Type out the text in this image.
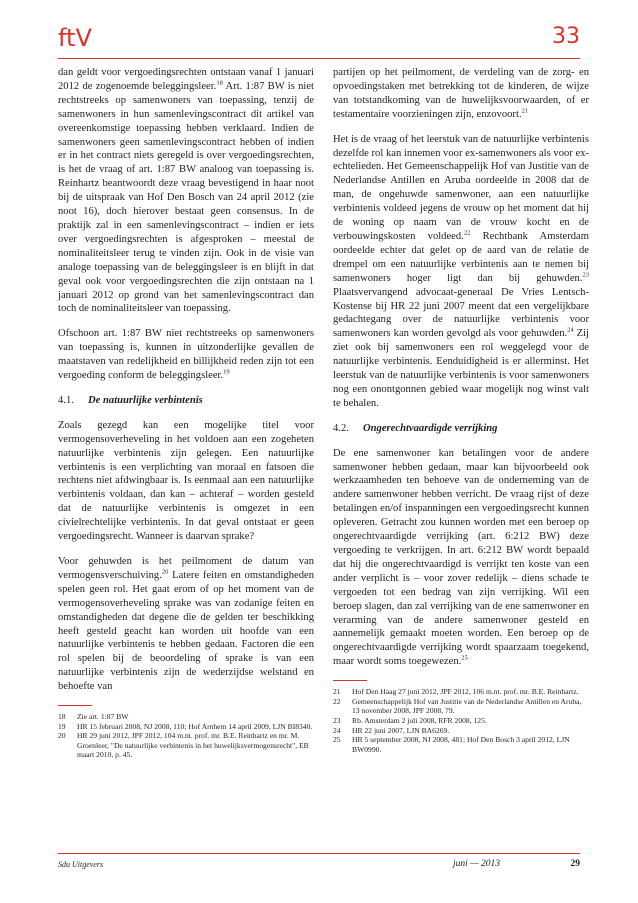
ftV	33

dan geldt voor vergoedingsrechten ontstaan vanaf 1 januari 2012 de zogenoemde beleggingsleer.$^{18}$ Art. 1:87 BW is niet rechtstreeks op samenwoners van toepassing, tenzij de samenwoners in hun samenlevingscontract dit artikel van overeenkomstige toepassing hebben verklaard. Indien de samenwoners geen samenlevingscontract hebben of indien er in het contract niets geregeld is over vergoedingsrechten, is het de vraag of art. 1:87 BW analoog van toepassing is. Reinhartz beantwoordt deze vraag bevestigend in haar noot bij de uitspraak van Hof Den Bosch van 24 april 2012 (zie noot 16), doch hierover bestaat geen consensus. In de praktijk zal in een samenlevingscontract – indien er iets over vergoedingsrechten is afgesproken – meestal de nominaliteitsleer terug te vinden zijn. Ook in de visie van analoge toepassing van de beleggingsleer is en blijft in dat geval ook voor vergoedingsrechten die zijn ontstaan na 1 januari 2012 op grond van het samenlevingscontract dan toch de nominaliteitsleer van toepassing.

Ofschoon art. 1:87 BW niet rechtstreeks op samenwoners van toepassing is, kunnen in uitzonderlijke gevallen de maatstaven van redelijkheid en billijkheid reden zijn tot een vergoeding conform de beleggingsleer.$^{19}$

4.1. De natuurlijke verbintenis

Zoals gezegd kan een mogelijke titel voor vermogensoverheveling in het voldoen aan een zogeheten natuurlijke verbintenis zijn gelegen. Een natuurlijke verbintenis is een verplichting van moraal en fatsoen die rechtens niet afdwingbaar is. Is eenmaal aan een natuurlijke verbintenis voldaan, dan kan – achteraf – worden gesteld dat de natuurlijke verbintenis is omgezet in een civielrechtelijke verbintenis. In dat geval ontstaat er geen vergoedingsrecht. Wanneer is daarvan sprake?

Voor gehuwden is het peilmoment de datum van vermogensverschuiving.$^{20}$ Latere feiten en omstandigheden spelen geen rol. Het gaat erom of op het moment van de vermogensoverheveling sprake was van zodanige feiten en omstandigheden dat degene die de gelden ter beschikking heeft gesteld geacht kan worden uit hoofde van een natuurlijke verbintenis te hebben gedaan. Factoren die een rol spelen bij de beoordeling of sprake is van een natuurlijke verbintenis zijn de wederzijdse welstand en behoefte van

18	Zie art. 1:87 BW
19	HR 15 februari 2008, NJ 2008, 110; Hof Arnhem 14 april 2009, LJN BI8340.
20	HR 29 juni 2012, JPF 2012, 104 m.nt. prof. mr. B.E. Reinhartz en mr. M. Groenleer, "De natuurlijke verbintenis in het huwelijksvermogensrecht", EB maart 2010, p. 45.

partijen op het peilmoment, de verdeling van de zorg- en opvoedingstaken met betrekking tot de kinderen, de wijze van totstandkoming van de huwelijksvoorwaarden, of er testamentaire voorzieningen zijn, enzovoort.$^{21}$

Het is de vraag of het leerstuk van de natuurlijke verbintenis dezelfde rol kan innemen voor ex-samenwoners als voor ex-echtelieden. Het Gemeenschappelijk Hof van Justitie van de Nederlandse Antillen en Aruba oordeelde in 2008 dat de man, de ongehuwde samenwoner, aan een natuurlijke verbintenis voldeed jegens de vrouw op het moment dat hij de woning op naam van de vrouw kocht en de verbouwingskosten voldeed.$^{22}$ Rechtbank Amsterdam oordeelde echter dat gelet op de aard van de relatie de drempel om een natuurlijke verbintenis aan te nemen bij samenwoners hoger ligt dan bij gehuwden.$^{23}$ Plaatsvervangend advocaat-generaal De Vries Lentsch-Kostense bij HR 22 juni 2007 meent dat een vergelijkbare gedachtegang over de natuurlijke verbintenis voor samenwoners kan worden gevolgd als voor gehuwden.$^{24}$ Zij ziet ook bij samenwoners een rol weggelegd voor de natuurlijke verbintenis. Eenduidigheid is er allerminst. Het leerstuk van de natuurlijke verbintenis is voor samenwoners nog een onontgonnen gebied waar mogelijk nog winst valt te behalen.

4.2. Ongerechtvaardigde verrijking

De ene samenwoner kan betalingen voor de andere samenwoner hebben gedaan, maar kan bijvoorbeeld ook werkzaamheden ten behoeve van de onderneming van de andere samenwoner hebben verricht. De vraag rijst of deze betalingen en/of inspanningen een vergoedingsrecht kunnen opleveren. Getracht zou kunnen worden met een beroep op ongerechtvaardigde verrijking (art. 6:212 BW) deze vergoeding te verkrijgen. In art. 6:212 BW wordt bepaald dat hij die ongerechtvaardigd is verrijkt ten koste van een ander verplicht is – voor zover redelijk – diens schade te vergoeden tot een bedrag van zijn verrijking. Wil een beroep slagen, dan zal verrijking van de ene samenwoner en verarming van de andere samenwoner gesteld en aannemelijk gemaakt moeten worden. Een beroep op de ongerechtvaardigde verrijking wordt spaarzaam toegekend, maar wordt soms toegewezen.$^{25}$

21	Hof Den Haag 27 juni 2012, JPF 2012, 106 m.nt. prof. mr. B.E. Reinhartz.
22	Gemeenschappelijk Hof van Justitie van de Nederlandse Antillen en Aruba, 13 november 2008, JPF 2008, 79.
23	Rb. Amsterdam 2 juli 2008, RFR 2008, 125.
24	HR 22 juni 2007, LJN BA6269.
25	HR 5 september 2008, NJ 2008, 481; Hof Den Bosch 3 april 2012, LJN BW0990.
Sdu Uitgevers	juni — 2013	29
